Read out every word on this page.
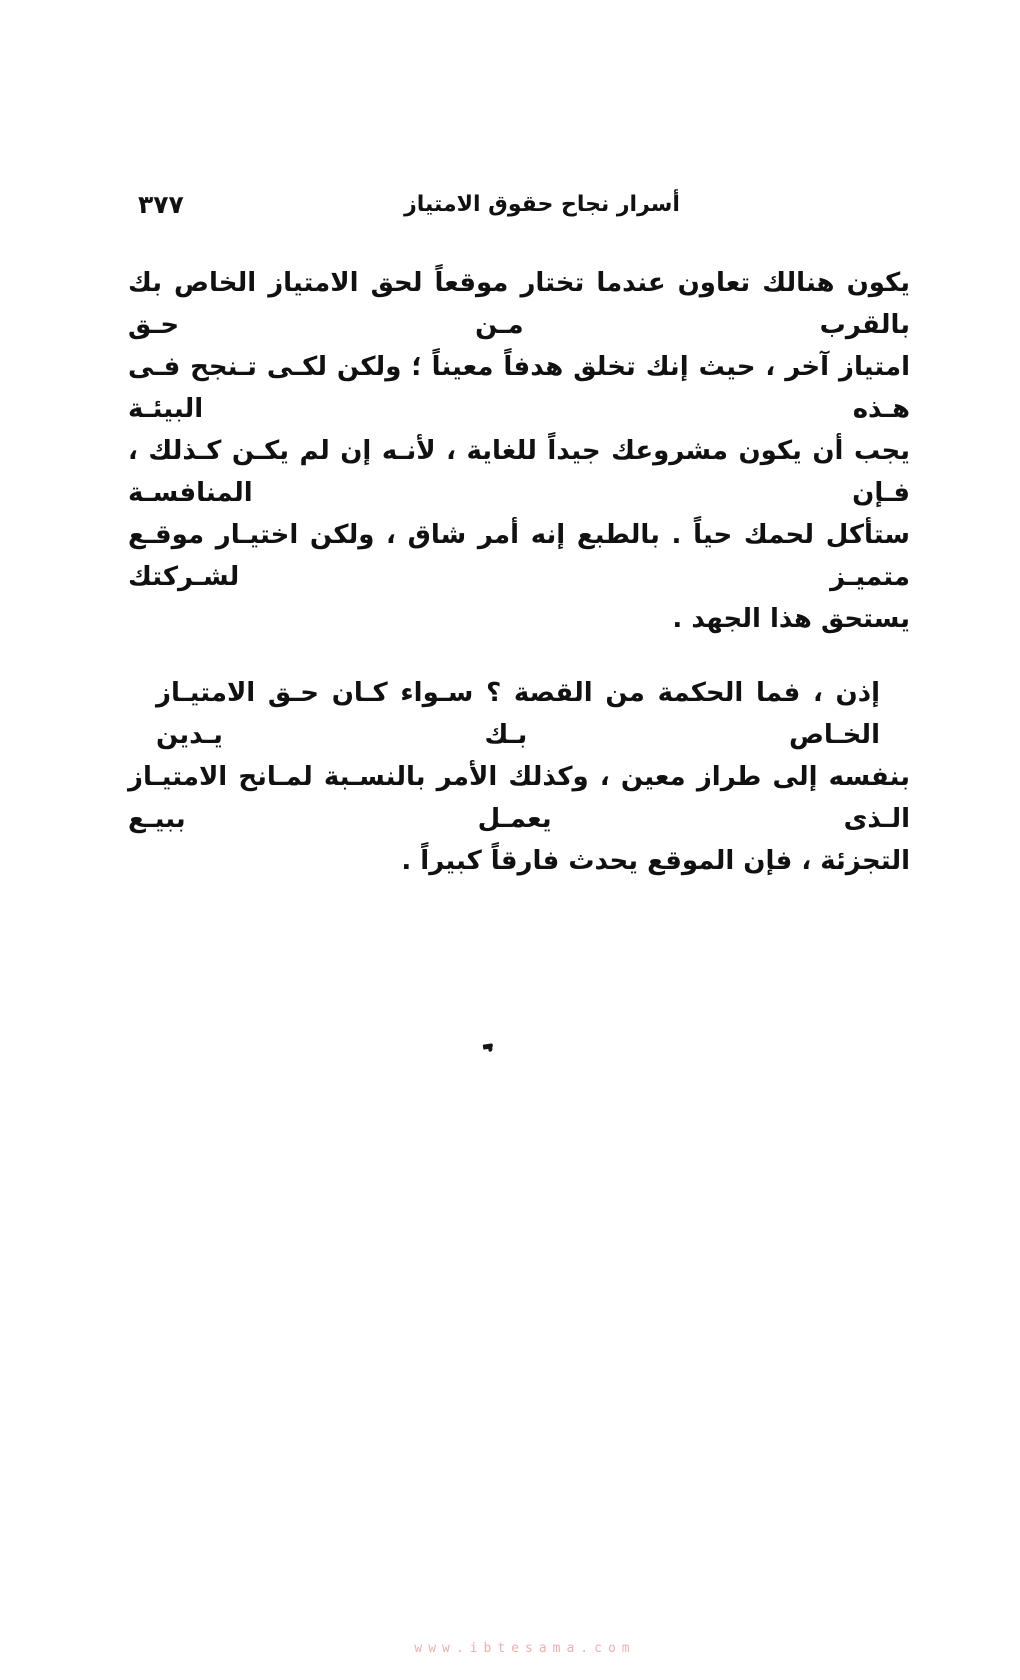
٣٧٧	أسرار نجاح حقوق الامتياز
يكون هنالك تعاون عندما تختار موقعاً لحق الامتياز الخاص بك بالقرب مـن حـق
امتياز آخر ، حيث إنك تخلق هدفاً معيناً ؛ ولكن لكـى تـنجح فـى هـذه البيئـة
يجب أن يكون مشروعك جيداً للغاية ، لأنـه إن لم يكـن كـذلك ، فـإن المنافسـة
ستأكل لحمك حياً . بالطبع إنه أمر شاق ، ولكن اختيـار موقـع متميـز لشـركتك
يستحق هذا الجهد .
إذن ، فما الحكمة من القصة ؟ سـواء كـان حـق الامتيـاز الخـاص بـك يـدين
بنفسه إلى طراز معين ، وكذلك الأمر بالنسـبة لمـانح الامتيـاز الـذى يعمـل ببيـع
التجزئة ، فإن الموقع يحدث فارقاً كبيراً .
www.ibtesama.com
